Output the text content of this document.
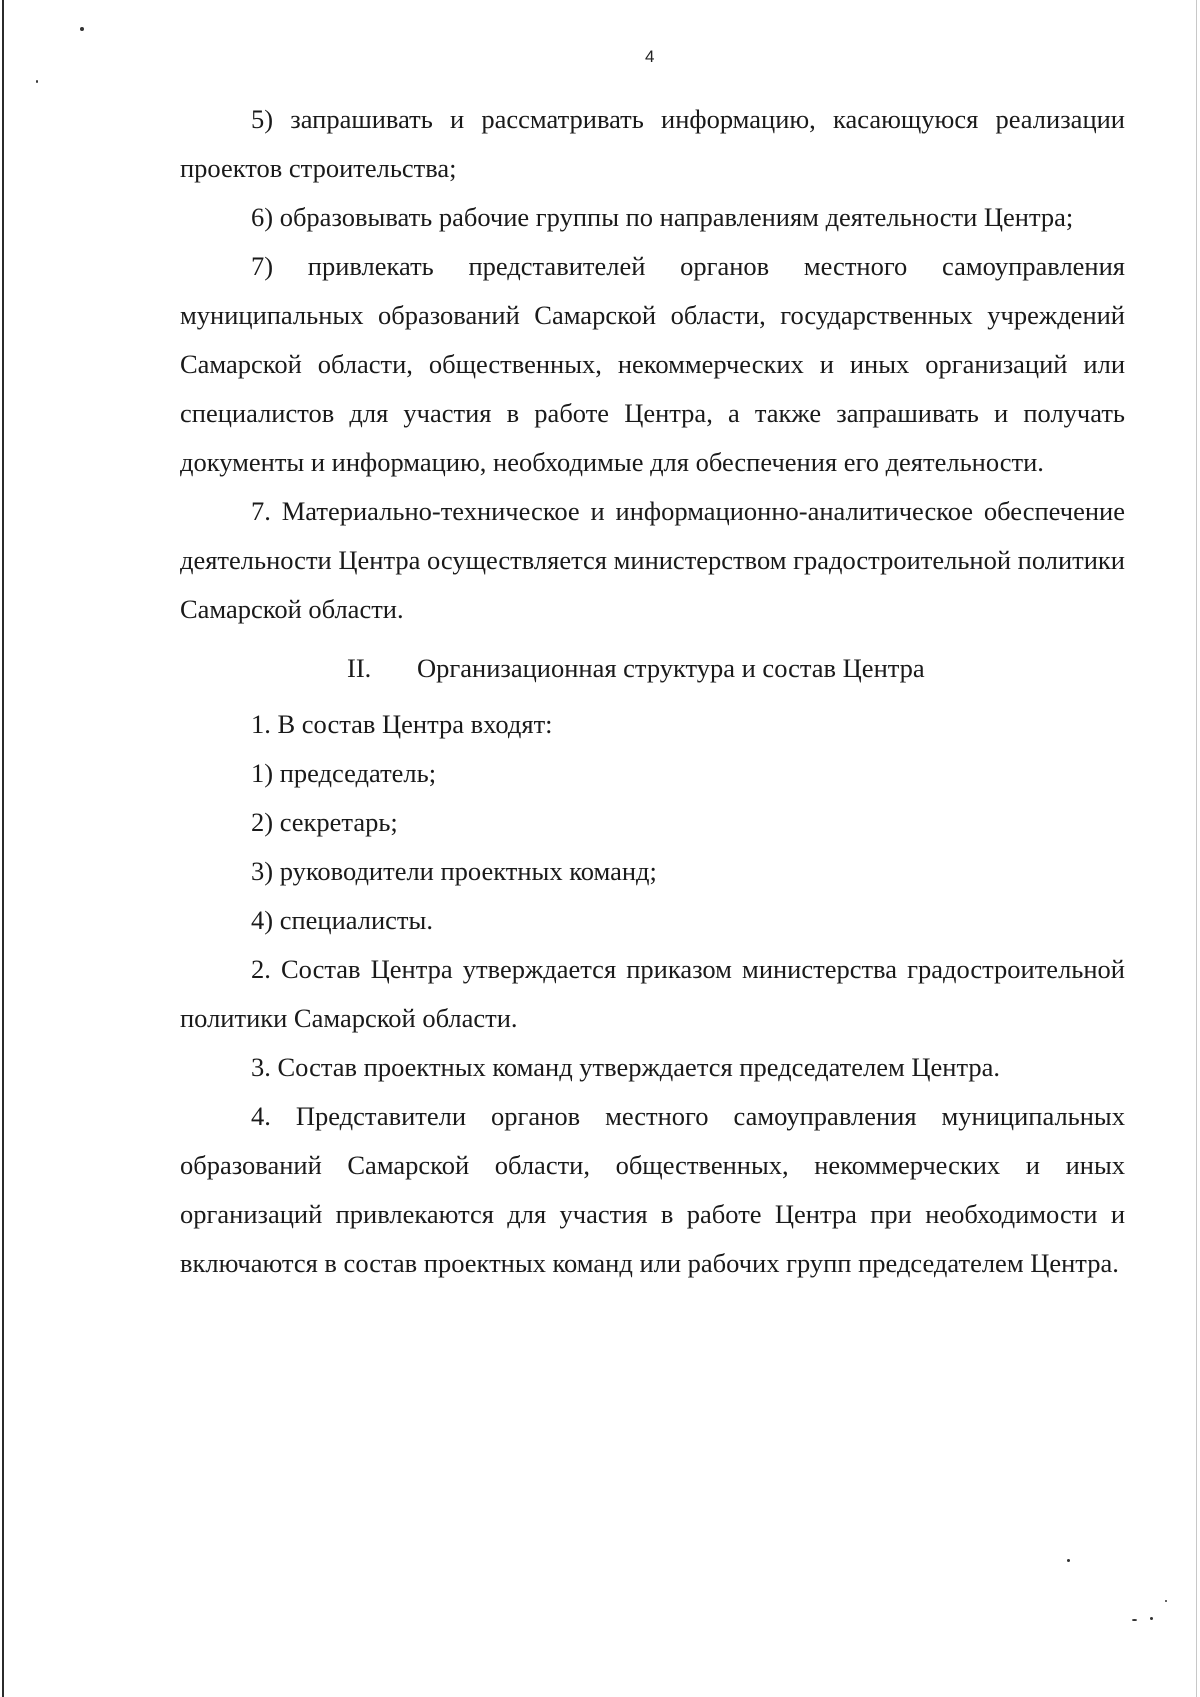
4

5) запрашивать и рассматривать информацию, касающуюся реализации проектов строительства;

6) образовывать рабочие группы по направлениям деятельности Центра;

7) привлекать представителей органов местного самоуправления муниципальных образований Самарской области, государственных учреждений Самарской области, общественных, некоммерческих и иных организаций или специалистов для участия в работе Центра, а также запрашивать и получать документы и информацию, необходимые для обеспечения его деятельности.

7. Материально-техническое и информационно-аналитическое обеспечение деятельности Центра осуществляется министерством градостроительной политики Самарской области.

II. Организационная структура и состав Центра

1. В состав Центра входят:

1) председатель;

2) секретарь;

3) руководители проектных команд;

4) специалисты.

2. Состав Центра утверждается приказом министерства градостроительной политики Самарской области.

3. Состав проектных команд утверждается председателем Центра.

4. Представители органов местного самоуправления муниципальных образований Самарской области, общественных, некоммерческих и иных организаций привлекаются для участия в работе Центра при необходимости и включаются в состав проектных команд или рабочих групп председателем Центра.
